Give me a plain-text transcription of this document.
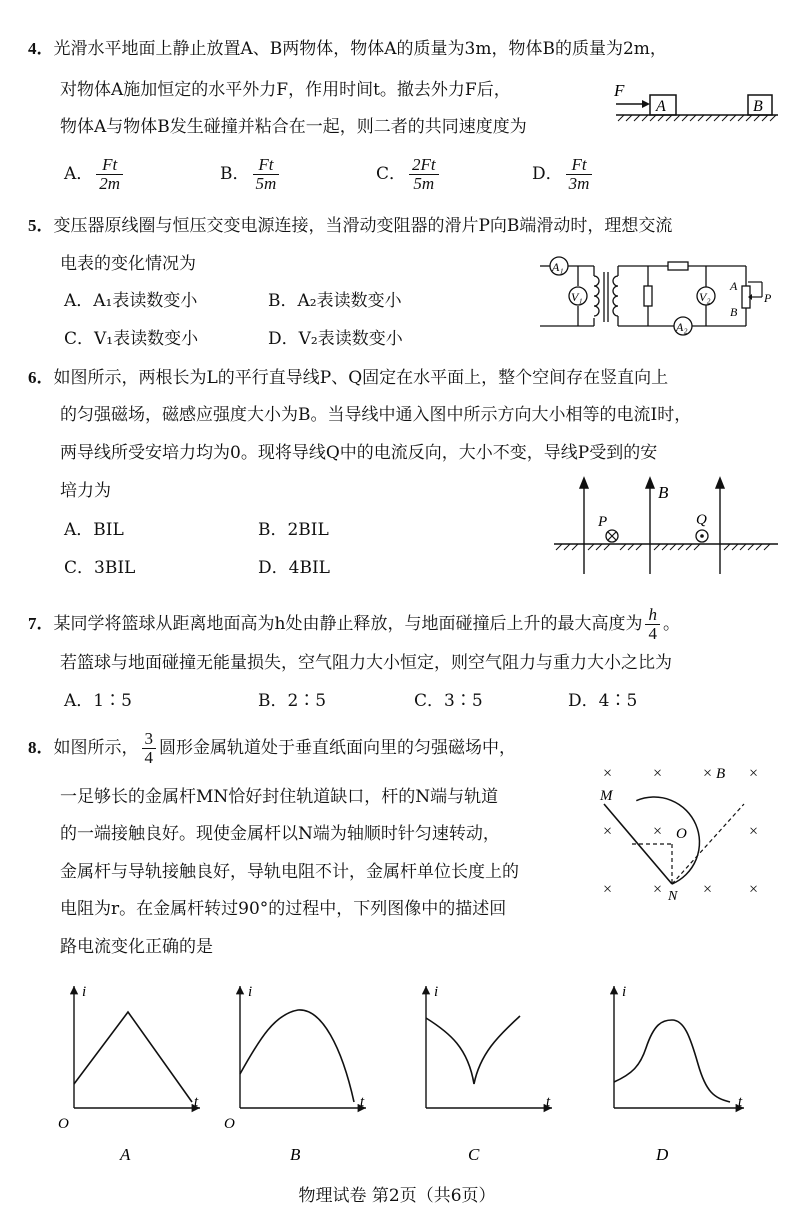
4．光滑水平地面上静止放置A、B两物体，物体A的质量为3m，物体B的质量为2m，
对物体A施加恒定的水平外力F，作用时间t。撤去外力F后，
物体A与物体B发生碰撞并粘合在一起，则二者的共同速度度为
A． $\frac{Ft}{2m}$	B． $\frac{Ft}{5m}$	C． $\frac{2Ft}{5m}$	D． $\frac{Ft}{3m}$
F
A	B
5．变压器原线圈与恒压交变电源连接，当滑动变阻器的滑片P向B端滑动时，理想交流
电表的变化情况为
A．A₁表读数变小	B．A₂表读数变小
C．V₁表读数变小	D．V₂表读数变小
A₁
V₁	V₂
A₂
A
B
P
6．如图所示，两根长为L的平行直导线P、Q固定在水平面上，整个空间存在竖直向上
的匀强磁场，磁感应强度大小为B。当导线中通入图中所示方向大小相等的电流I时，
两导线所受安培力均为0。现将导线Q中的电流反向，大小不变，导线P受到的安
培力为
A．BIL	B．2BIL
C．3BIL	D．4BIL
B
P	Q
7．某同学将篮球从距离地面高为h处由静止释放，与地面碰撞后上升的最大高度为 $\frac{h}{4}$ 。
若篮球与地面碰撞无能量损失，空气阻力大小恒定，则空气阻力与重力大小之比为
A．1∶5	B．2∶5	C．3∶5	D．4∶5
8．如图所示， $\frac{3}{4}$ 圆形金属轨道处于垂直纸面向里的匀强磁场中，
一足够长的金属杆MN恰好封住轨道缺口，杆的N端与轨道
的一端接触良好。现使金属杆以N端为轴顺时针匀速转动，
金属杆与导轨接触良好，导轨电阻不计，金属杆单位长度上的
电阻为r。在金属杆转过90°的过程中，下列图像中的描述回
路电流变化正确的是
× × × ×
× ×	×
× × × ×
B
M
O
N
i
t
O
A
i
t
O
B
i
t
C
i
t
D
物理试卷 第2页（共6页）
